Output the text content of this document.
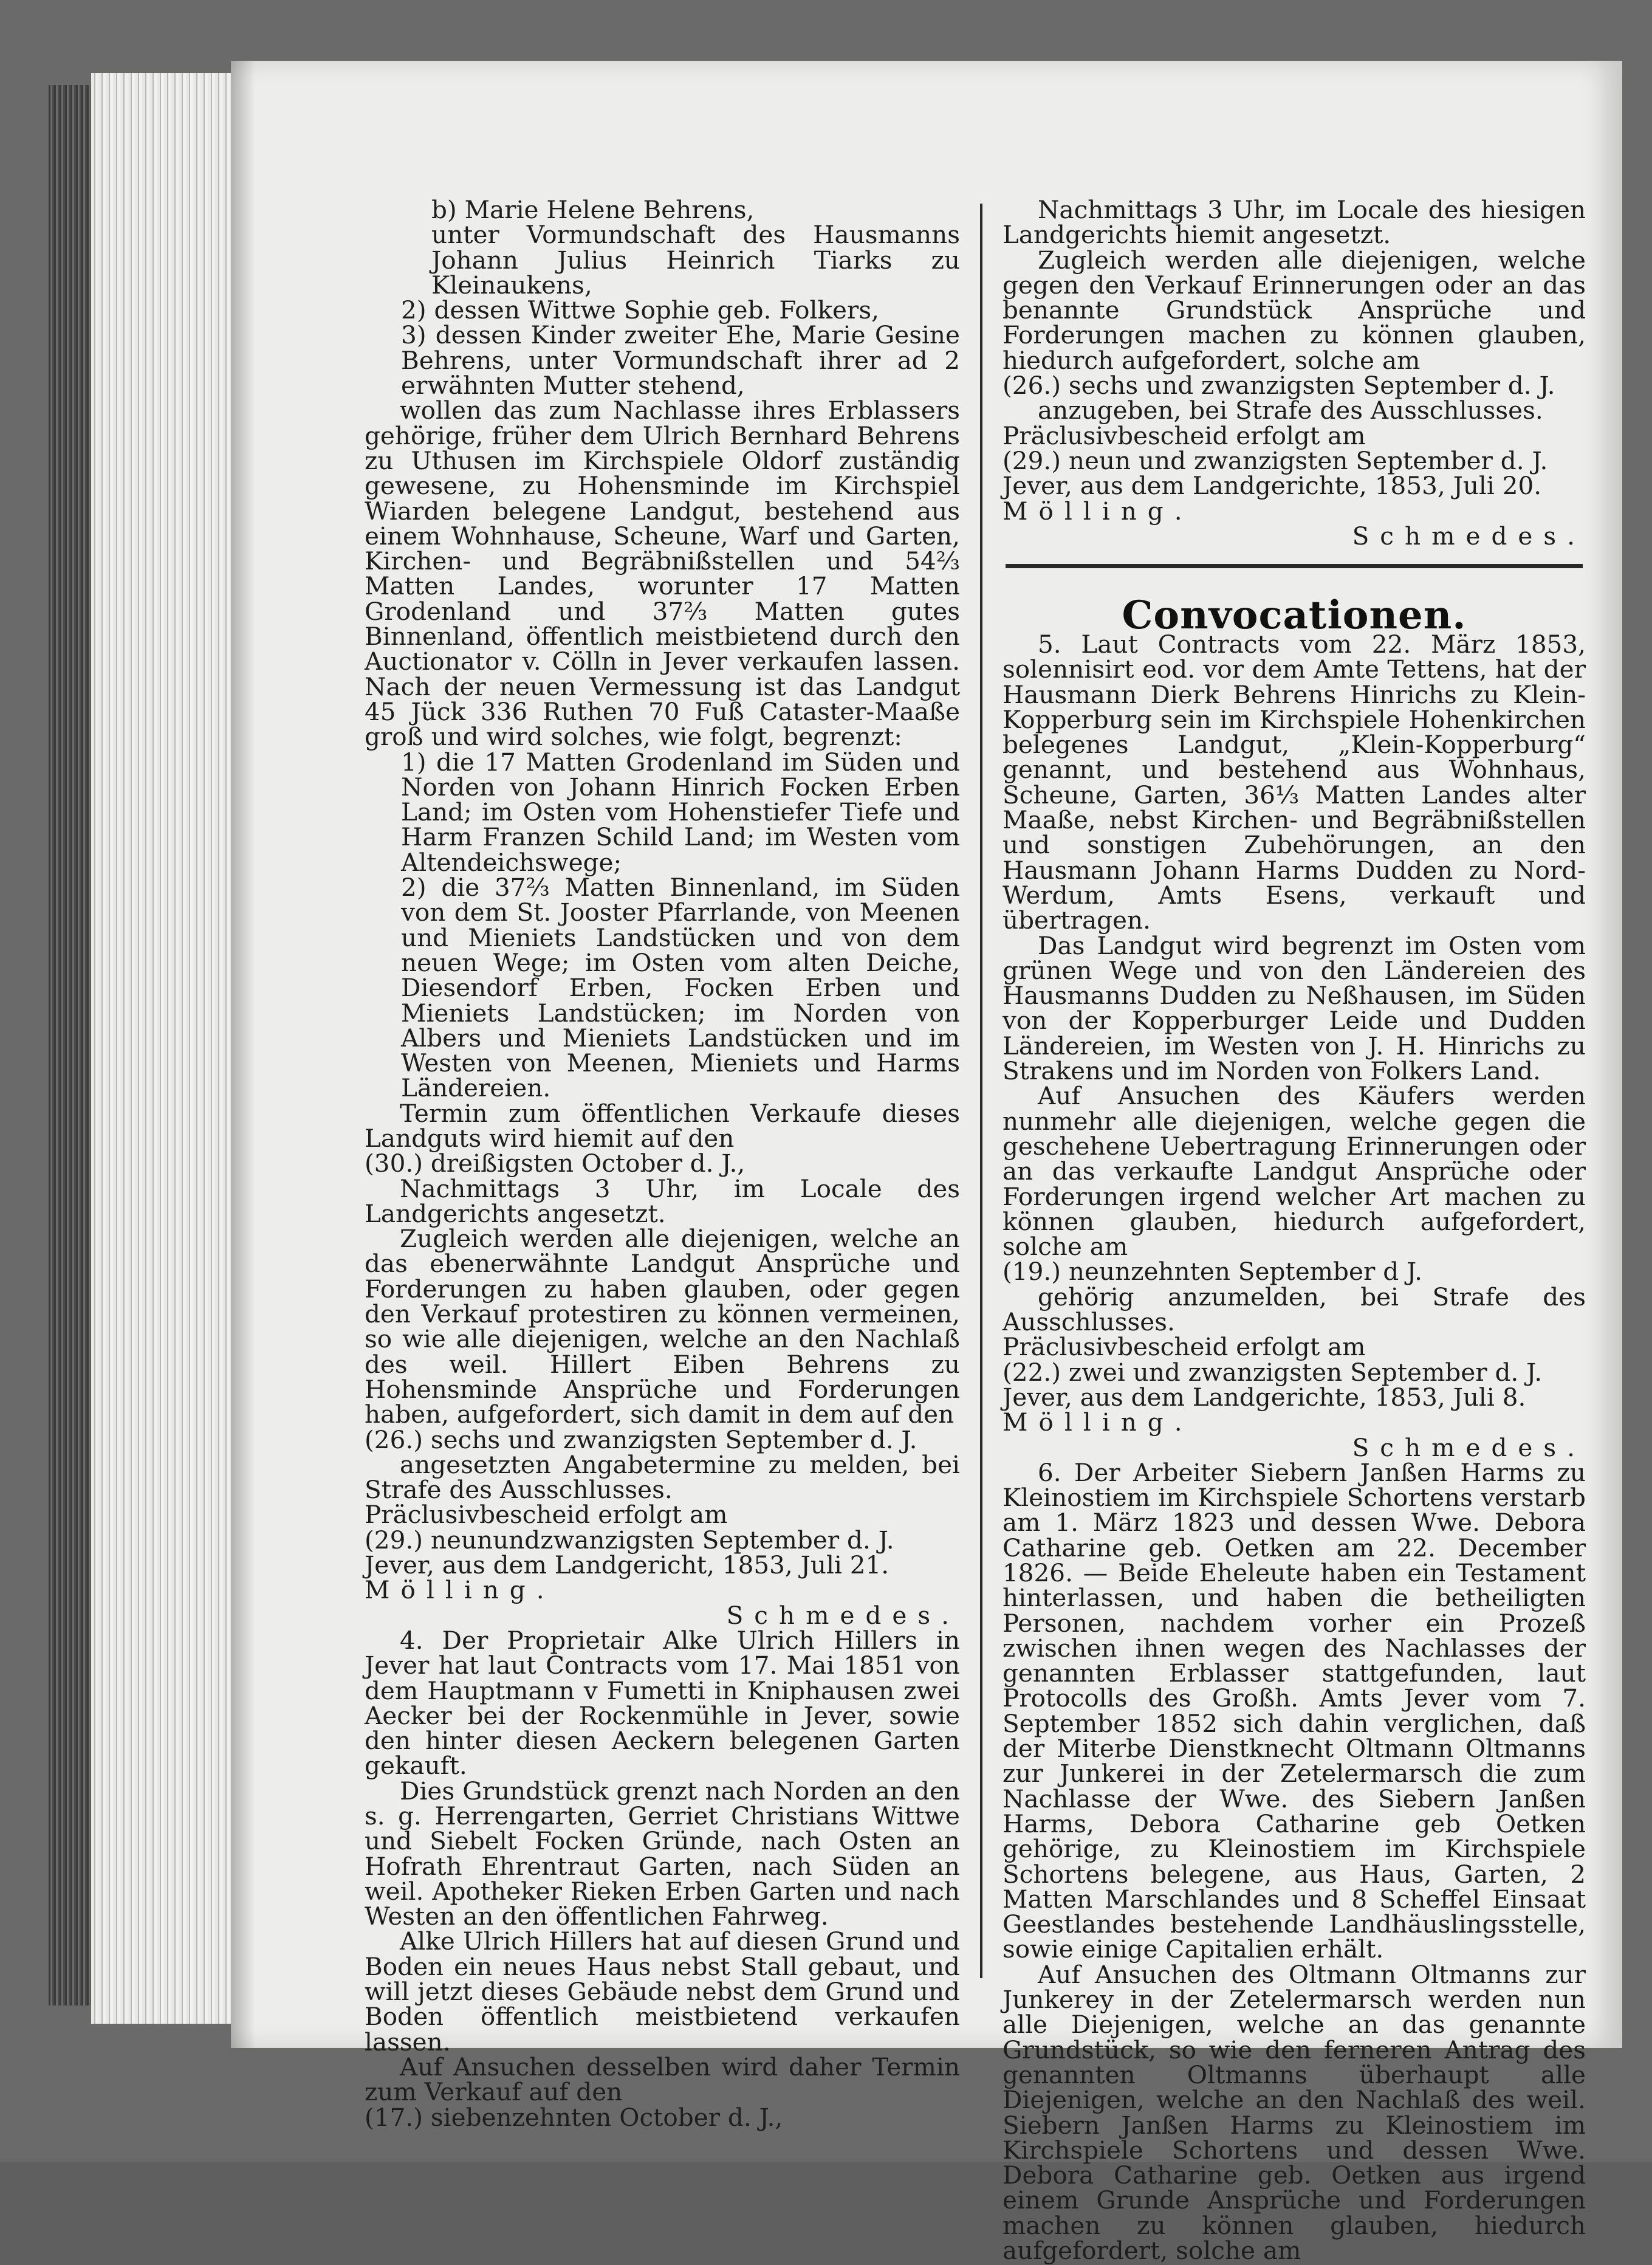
b) Marie Helene Behrens,

unter Vormundschaft des Hausmanns Johann Julius Heinrich Tiarks zu Kleinaukens,

2) dessen Wittwe Sophie geb. Folkers,

3) dessen Kinder zweiter Ehe, Marie Gesine Behrens, unter Vormundschaft ihrer ad 2 erwähnten Mutter stehend,

wollen das zum Nachlasse ihres Erblassers gehörige, früher dem Ulrich Bernhard Behrens zu Uthusen im Kirchspiele Oldorf zuständig gewesene, zu Hohensminde im Kirchspiel Wiarden belegene Landgut, bestehend aus einem Wohnhause, Scheune, Warf und Garten, Kirchen- und Begräbnißstellen und 54⅔ Matten Landes, worunter 17 Matten Grodenland und 37⅔ Matten gutes Binnenland, öffentlich meistbietend durch den Auctionator v. Cölln in Jever verkaufen lassen. Nach der neuen Vermessung ist das Landgut 45 Jück 336 Ruthen 70 Fuß Cataster-Maaße groß und wird solches, wie folgt, begrenzt:

1) die 17 Matten Grodenland im Süden und Norden von Johann Hinrich Focken Erben Land; im Osten vom Hohenstiefer Tiefe und Harm Franzen Schild Land; im Westen vom Altendeichswege;

2) die 37⅔ Matten Binnenland, im Süden von dem St. Jooster Pfarrlande, von Meenen und Mieniets Landstücken und von dem neuen Wege; im Osten vom alten Deiche, Diesendorf Erben, Focken Erben und Mieniets Landstücken; im Norden von Albers und Mieniets Landstücken und im Westen von Meenen, Mieniets und Harms Ländereien.

Termin zum öffentlichen Verkaufe dieses Landguts wird hiemit auf den

(30.) dreißigsten October d. J.,

Nachmittags 3 Uhr, im Locale des Landgerichts angesetzt.

Zugleich werden alle diejenigen, welche an das ebenerwähnte Landgut Ansprüche und Forderungen zu haben glauben, oder gegen den Verkauf protestiren zu können vermeinen, so wie alle diejenigen, welche an den Nachlaß des weil. Hillert Eiben Behrens zu Hohensminde Ansprüche und Forderungen haben, aufgefordert, sich damit in dem auf den

(26.) sechs und zwanzigsten September d. J.

angesetzten Angabetermine zu melden, bei Strafe des Ausschlusses.

Präclusivbescheid erfolgt am

(29.) neunundzwanzigsten September d. J.

Jever, aus dem Landgericht, 1853, Juli 21.

Mölling.

Schmedes.

4. Der Proprietair Alke Ulrich Hillers in Jever hat laut Contracts vom 17. Mai 1851 von dem Hauptmann v Fumetti in Kniphausen zwei Aecker bei der Rockenmühle in Jever, sowie den hinter diesen Aeckern belegenen Garten gekauft.

Dies Grundstück grenzt nach Norden an den s. g. Herrengarten, Gerriet Christians Wittwe und Siebelt Focken Gründe, nach Osten an Hofrath Ehrentraut Garten, nach Süden an weil. Apotheker Rieken Erben Garten und nach Westen an den öffentlichen Fahrweg.

Alke Ulrich Hillers hat auf diesen Grund und Boden ein neues Haus nebst Stall gebaut, und will jetzt dieses Gebäude nebst dem Grund und Boden öffentlich meistbietend verkaufen lassen.

Auf Ansuchen desselben wird daher Termin zum Verkauf auf den

(17.) siebenzehnten October d. J.,

Nachmittags 3 Uhr, im Locale des hiesigen Landgerichts hiemit angesetzt.

Zugleich werden alle diejenigen, welche gegen den Verkauf Erinnerungen oder an das benannte Grundstück Ansprüche und Forderungen machen zu können glauben, hiedurch aufgefordert, solche am

(26.) sechs und zwanzigsten September d. J.

anzugeben, bei Strafe des Ausschlusses.

Präclusivbescheid erfolgt am

(29.) neun und zwanzigsten September d. J.

Jever, aus dem Landgerichte, 1853, Juli 20.

Mölling.

Schmedes.

Convocationen.

5. Laut Contracts vom 22. März 1853, solennisirt eod. vor dem Amte Tettens, hat der Hausmann Dierk Behrens Hinrichs zu Klein-Kopperburg sein im Kirchspiele Hohenkirchen belegenes Landgut, „Klein-Kopperburg“ genannt, und bestehend aus Wohnhaus, Scheune, Garten, 36⅓ Matten Landes alter Maaße, nebst Kirchen- und Begräbnißstellen und sonstigen Zubehörungen, an den Hausmann Johann Harms Dudden zu Nord-Werdum, Amts Esens, verkauft und übertragen.

Das Landgut wird begrenzt im Osten vom grünen Wege und von den Ländereien des Hausmanns Dudden zu Neßhausen, im Süden von der Kopperburger Leide und Dudden Ländereien, im Westen von J. H. Hinrichs zu Strakens und im Norden von Folkers Land.

Auf Ansuchen des Käufers werden nunmehr alle diejenigen, welche gegen die geschehene Uebertragung Erinnerungen oder an das verkaufte Landgut Ansprüche oder Forderungen irgend welcher Art machen zu können glauben, hiedurch aufgefordert, solche am

(19.) neunzehnten September d J.

gehörig anzumelden, bei Strafe des Ausschlusses.

Präclusivbescheid erfolgt am

(22.) zwei und zwanzigsten September d. J.

Jever, aus dem Landgerichte, 1853, Juli 8.

Mölling.

Schmedes.

6. Der Arbeiter Siebern Janßen Harms zu Kleinostiem im Kirchspiele Schortens verstarb am 1. März 1823 und dessen Wwe. Debora Catharine geb. Oetken am 22. December 1826. — Beide Eheleute haben ein Testament hinterlassen, und haben die betheiligten Personen, nachdem vorher ein Prozeß zwischen ihnen wegen des Nachlasses der genannten Erblasser stattgefunden, laut Protocolls des Großh. Amts Jever vom 7. September 1852 sich dahin verglichen, daß der Miterbe Dienstknecht Oltmann Oltmanns zur Junkerei in der Zetelermarsch die zum Nachlasse der Wwe. des Siebern Janßen Harms, Debora Catharine geb Oetken gehörige, zu Kleinostiem im Kirchspiele Schortens belegene, aus Haus, Garten, 2 Matten Marschlandes und 8 Scheffel Einsaat Geestlandes bestehende Landhäuslingsstelle, sowie einige Capitalien erhält.

Auf Ansuchen des Oltmann Oltmanns zur Junkerey in der Zetelermarsch werden nun alle Diejenigen, welche an das genannte Grundstück, so wie den ferneren Antrag des genannten Oltmanns überhaupt alle Diejenigen, welche an den Nachlaß des weil. Siebern Janßen Harms zu Kleinostiem im Kirchspiele Schortens und dessen Wwe. Debora Catharine geb. Oetken aus irgend einem Grunde Ansprüche und Forderungen machen zu können glauben, hiedurch aufgefordert, solche am
